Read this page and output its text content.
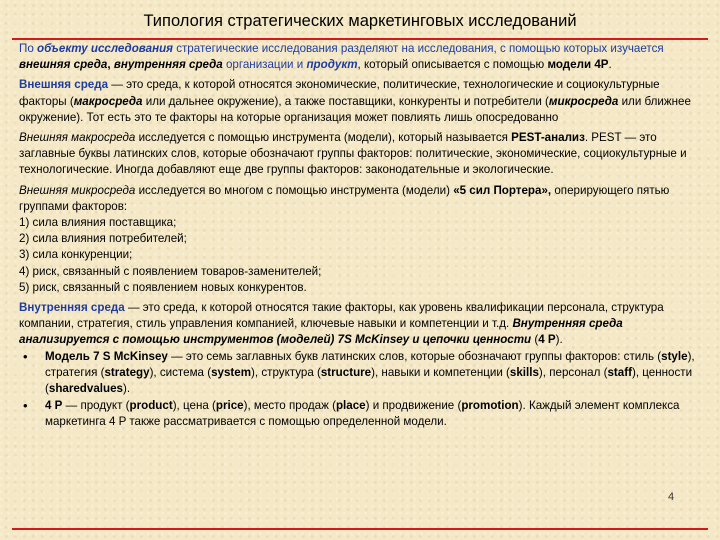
Типология стратегических маркетинговых исследований

По объекту исследования стратегические исследования разделяют на исследования, с помощью которых изучается внешняя среда, внутренняя среда организации и продукт, который описывается с помощью модели 4P.

Внешняя среда — это среда, к которой относятся экономические, политические, технологические и социокультурные факторы (макросреда или дальнее окружение), а также поставщики, конкуренты и потребители (микросреда или ближнее окружение). Тот есть это те факторы на которые организация может повлиять лишь опосредованно

Внешняя макросреда исследуется с помощью инструмента (модели), который называется PEST-анализ. PEST — это заглавные буквы латинских слов, которые обозначают группы факторов: политические, экономические, социокультурные и технологические. Иногда добавляют еще две группы факторов: законодательные и экологические.

Внешняя микросреда исследуется во многом с помощью инструмента (модели) «5 сил Портера», оперирующего пятью группами факторов:

1) сила влияния поставщика;
2) сила влияния потребителей;
3) сила конкуренции;
4) риск, связанный с появлением товаров-заменителей;
5) риск, связанный с появлением новых конкурентов.

Внутренняя среда — это среда, к которой относятся такие факторы, как уровень квалификации персонала, структура компании, стратегия, стиль управления компанией, ключевые навыки и компетенции и т.д. Внутренняя среда анализируется с помощью инструментов (моделей) 7S McKinsey и цепочки ценности (4 P).

• Модель 7 S McKinsey — это семь заглавных букв латинских слов, которые обозначают группы факторов: стиль (style), стратегия (strategy), система (system), структура (structure), навыки и компетенции (skills), персонал (staff), ценности (sharedvalues).
• 4 P — продукт (product), цена (price), место продаж (place) и продвижение (promotion). Каждый элемент комплекса маркетинга 4 P также рассматривается с помощью определенной модели.
4
